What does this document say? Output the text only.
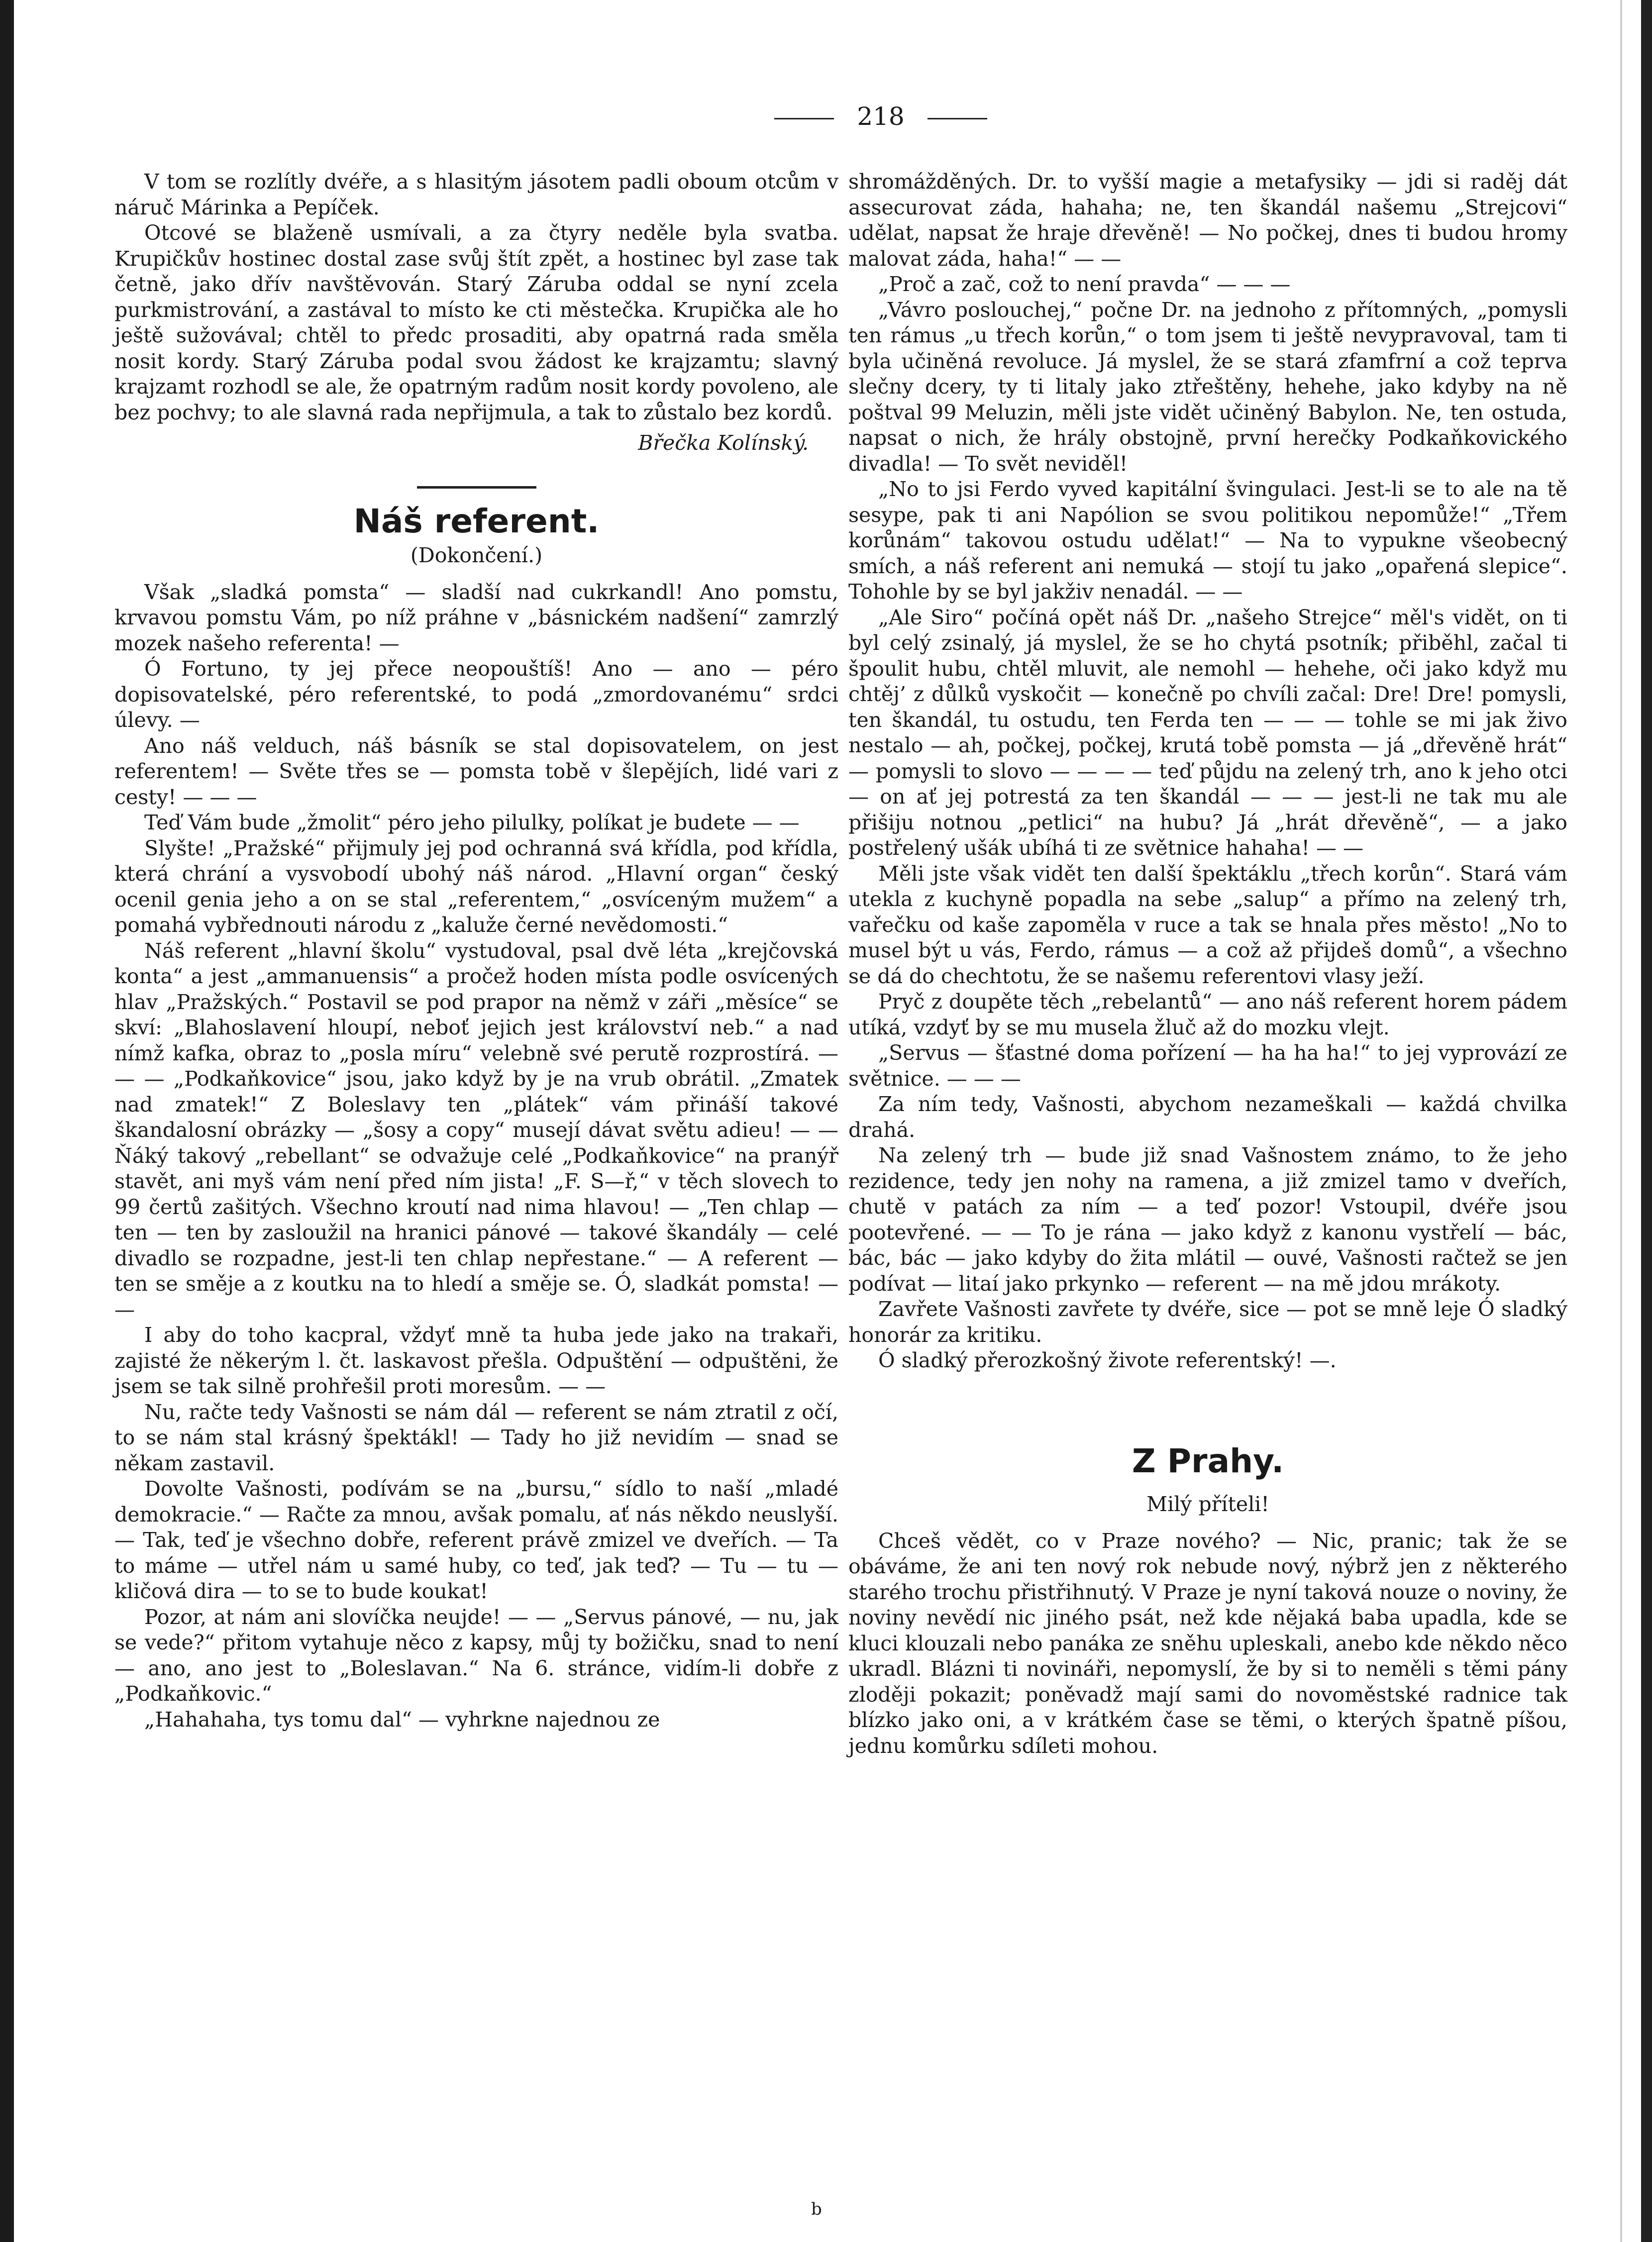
218

V tom se rozlítly dvéře, a s hlasitým jásotem padli oboum otcům v náruč Márinka a Pepíček.

Otcové se blaženě usmívali, a za čtyry neděle byla svatba. Krupičkův hostinec dostal zase svůj štít zpět, a hostinec byl zase tak četně, jako dřív navštěvován. Starý Záruba oddal se nyní zcela purkmistrování, a zastával to místo ke cti městečka. Krupička ale ho ještě sužovával; chtěl to předc prosaditi, aby opatrná rada směla nosit kordy. Starý Záruba podal svou žádost ke krajzamtu; slavný krajzamt rozhodl se ale, že opatrným radům nosit kordy povoleno, ale bez pochvy; to ale slavná rada nepřijmula, a tak to zůstalo bez kordů.

Břečka Kolínský.

Náš referent.

(Dokončení.)

Však „sladká pomsta“ — sladší nad cukrkandl! Ano pomstu, krvavou pomstu Vám, po níž práhne v „básnickém nadšení“ zamrzlý mozek našeho referenta! —

Ó Fortuno, ty jej přece neopouštíš! Ano — ano — péro dopisovatelské, péro referentské, to podá „zmordovanému“ srdci úlevy. —

Ano náš velduch, náš básník se stal dopisovatelem, on jest referentem! — Světe třes se — pomsta tobě v šlepějích, lidé vari z cesty! — — —

Teď Vám bude „žmolit“ péro jeho pilulky, políkat je budete — —

Slyšte! „Pražské“ přijmuly jej pod ochranná svá křídla, pod křídla, která chrání a vysvobodí ubohý náš národ. „Hlavní organ“ český ocenil genia jeho a on se stal „referentem,“ „osvíceným mužem“ a pomahá vybřednouti národu z „kaluže černé nevědomosti.“

Náš referent „hlavní školu“ vystudoval, psal dvě léta „krejčovská konta“ a jest „ammanuensis“ a pročež hoden místa podle osvícených hlav „Pražských.“ Postavil se pod prapor na němž v záři „měsíce“ se skví: „Blahoslavení hloupí, neboť jejich jest království neb.“ a nad nímž kafka, obraz to „posla míru“ velebně své perutě rozprostírá. — — — „Podkaňkovice“ jsou, jako když by je na vrub obrátil. „Zmatek nad zmatek!“ Z Boleslavy ten „plátek“ vám přináší takové škandalosní obrázky — „šosy a copy“ musejí dávat světu adieu! — — Ňáký takový „rebellant“ se odvažuje celé „Podkaňkovice“ na pranýř stavět, ani myš vám není před ním jista! „F. S—ř,“ v těch slovech to 99 čertů zašitých. Všechno kroutí nad nima hlavou! — „Ten chlap — ten — ten by zasloužil na hranici pánové — takové škandály — celé divadlo se rozpadne, jest-li ten chlap nepřestane.“ — A referent — ten se směje a z koutku na to hledí a směje se. Ó, sladkát pomsta! — —

I aby do toho kacpral, vždyť mně ta huba jede jako na trakaři, zajisté že někerým l. čt. laskavost přešla. Odpuštění — odpuštěni, že jsem se tak silně prohřešil proti moresům. — —

Nu, račte tedy Vašnosti se nám dál — referent se nám ztratil z očí, to se nám stal krásný špektákl! — Tady ho již nevidím — snad se někam zastavil.

Dovolte Vašnosti, podívám se na „bursu,“ sídlo to naší „mladé demokracie.“ — Račte za mnou, avšak pomalu, ať nás někdo neuslyší. — Tak, teď je všechno dobře, referent právě zmizel ve dveřích. — Ta to máme — utřel nám u samé huby, co teď, jak teď? — Tu — tu — kličová dira — to se to bude koukat!

Pozor, at nám ani slovíčka neujde! — — „Servus pánové, — nu, jak se vede?“ přitom vytahuje něco z kapsy, můj ty božičku, snad to není — ano, ano jest to „Boleslavan.“ Na 6. stránce, vidím-li dobře z „Podkaňkovic.“

„Hahahaha, tys tomu dal“ — vyhrkne najednou ze

shromážděných. Dr. to vyšší magie a metafysiky — jdi si raděj dát assecurovat záda, hahaha; ne, ten škandál našemu „Strejcovi“ udělat, napsat že hraje dřevěně! — No počkej, dnes ti budou hromy malovat záda, haha!“ — —

„Proč a zač, což to není pravda“ — — —

„Vávro poslouchej,“ počne Dr. na jednoho z přítomných, „pomysli ten rámus „u třech korůn,“ o tom jsem ti ještě nevypravoval, tam ti byla učiněná revoluce. Já myslel, že se stará zfamfrní a což teprva slečny dcery, ty ti litaly jako ztřeštěny, hehehe, jako kdyby na ně poštval 99 Meluzin, měli jste vidět učiněný Babylon. Ne, ten ostuda, napsat o nich, že hrály obstojně, první herečky Podkaňkovického divadla! — To svět neviděl!

„No to jsi Ferdo vyved kapitální švingulaci. Jest-li se to ale na tě sesype, pak ti ani Napólion se svou politikou nepomůže!“ „Třem korůnám“ takovou ostudu udělat!“ — Na to vypukne všeobecný smích, a náš referent ani nemuká — stojí tu jako „opařená slepice“. Tohohle by se byl jakživ nenadál. — —

„Ale Siro“ počíná opět náš Dr. „našeho Strejce“ měl's vidět, on ti byl celý zsinalý, já myslel, že se ho chytá psotník; přiběhl, začal ti špoulit hubu, chtěl mluvit, ale nemohl — hehehe, oči jako když mu chtěj’ z důlků vyskočit — konečně po chvíli začal: Dre! Dre! pomysli, ten škandál, tu ostudu, ten Ferda ten — — — tohle se mi jak živo nestalo — ah, počkej, počkej, krutá tobě pomsta — já „dřevěně hrát“ — pomysli to slovo — — — — teď půjdu na zelený trh, ano k jeho otci — on ať jej potrestá za ten škandál — — — jest-li ne tak mu ale přišiju notnou „petlici“ na hubu? Já „hrát dřevěně“, — a jako postřelený ušák ubíhá ti ze světnice hahaha! — —

Měli jste však vidět ten další špektáklu „třech korůn“. Stará vám utekla z kuchyně popadla na sebe „salup“ a přímo na zelený trh, vařečku od kaše zapoměla v ruce a tak se hnala přes město! „No to musel být u vás, Ferdo, rámus — a což až přijdeš domů“, a všechno se dá do chechtotu, že se našemu referentovi vlasy ježí.

Pryč z doupěte těch „rebelantů“ — ano náš referent horem pádem utíká, vzdyť by se mu musela žluč až do mozku vlejt.

„Servus — šťastné doma pořízení — ha ha ha!“ to jej vyprovází ze světnice. — — —

Za ním tedy, Vašnosti, abychom nezameškali — každá chvilka drahá.

Na zelený trh — bude již snad Vašnostem známo, to že jeho rezidence, tedy jen nohy na ramena, a již zmizel tamo v dveřích, chutě v patách za ním — a teď pozor! Vstoupil, dvéře jsou pootevřené. — — To je rána — jako když z kanonu vystřelí — bác, bác, bác — jako kdyby do žita mlátil — ouvé, Vašnosti račtež se jen podívat — litaí jako prkynko — referent — na mě jdou mrákoty.

Zavřete Vašnosti zavřete ty dvéře, sice — pot se mně leje Ó sladký honorár za kritiku.

Ó sladký přerozkošný živote referentský! —.

Z Prahy.

Milý příteli!

Chceš vědět, co v Praze nového? — Nic, pranic; tak že se obáváme, že ani ten nový rok nebude nový, nýbrž jen z některého starého trochu přistřihnutý. V Praze je nyní taková nouze o noviny, že noviny nevědí nic jiného psát, než kde nějaká baba upadla, kde se kluci klouzali nebo panáka ze sněhu upleskali, anebo kde někdo něco ukradl. Blázni ti novináři, nepomyslí, že by si to neměli s těmi pány zloději pokazit; poněvadž mají sami do novoměstské radnice tak blízko jako oni, a v krátkém čase se těmi, o kterých špatně píšou, jednu komůrku sdíleti mohou.

b
